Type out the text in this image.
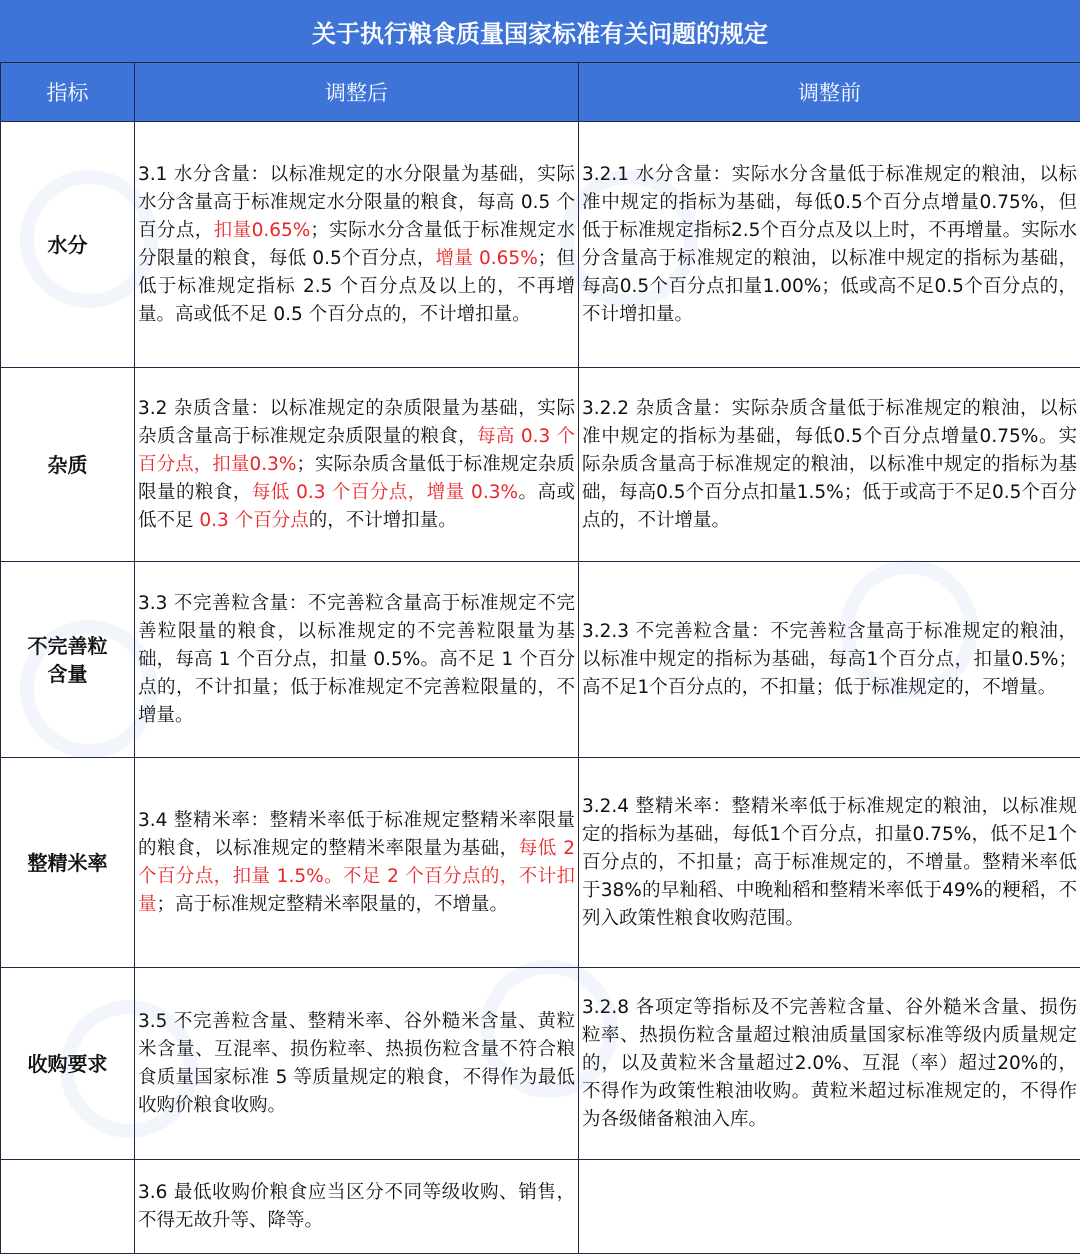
关于执行粮食质量国家标准有关问题的规定
指标	调整后	调整前
水分	3.1 水分含量：以标准规定的水分限量为基础，实际水分含量高于标准规定水分限量的粮食，每高 0.5 个百分点，扣量0.65%；实际水分含量低于标准规定水分限量的粮食，每低 0.5个百分点，增量 0.65%；但低于标准规定指标 2.5 个百分点及以上的，不再增量。高或低不足 0.5 个百分点的，不计增扣量。	3.2.1 水分含量：实际水分含量低于标准规定的粮油，以标准中规定的指标为基础，每低0.5个百分点增量0.75%，但低于标准规定指标2.5个百分点及以上时，不再增量。实际水分含量高于标准规定的粮油，以标准中规定的指标为基础，每高0.5个百分点扣量1.00%；低或高不足0.5个百分点的，不计增扣量。
杂质	3.2 杂质含量：以标准规定的杂质限量为基础，实际杂质含量高于标准规定杂质限量的粮食，每高 0.3 个百分点，扣量0.3%；实际杂质含量低于标准规定杂质限量的粮食，每低 0.3 个百分点，增量 0.3%。高或低不足 0.3 个百分点的，不计增扣量。	3.2.2 杂质含量：实际杂质含量低于标准规定的粮油，以标准中规定的指标为基础，每低0.5个百分点增量0.75%。实际杂质含量高于标准规定的粮油，以标准中规定的指标为基础，每高0.5个百分点扣量1.5%；低于或高于不足0.5个百分点的，不计增量。
不完善粒含量	3.3 不完善粒含量：不完善粒含量高于标准规定不完善粒限量的粮食，以标准规定的不完善粒限量为基础，每高 1 个百分点，扣量 0.5%。高不足 1 个百分点的，不计扣量；低于标准规定不完善粒限量的，不增量。	3.2.3 不完善粒含量：不完善粒含量高于标准规定的粮油，以标准中规定的指标为基础，每高1个百分点，扣量0.5%；高不足1个百分点的，不扣量；低于标准规定的，不增量。
整精米率	3.4 整精米率：整精米率低于标准规定整精米率限量的粮食，以标准规定的整精米率限量为基础，每低 2 个百分点，扣量 1.5%。不足 2 个百分点的，不计扣量；高于标准规定整精米率限量的，不增量。	3.2.4 整精米率：整精米率低于标准规定的粮油，以标准规定的指标为基础，每低1个百分点，扣量0.75%，低不足1个百分点的，不扣量；高于标准规定的，不增量。整精米率低于38%的早籼稻、中晚籼稻和整精米率低于49%的粳稻，不列入政策性粮食收购范围。
收购要求	3.5 不完善粒含量、整精米率、谷外糙米含量、黄粒米含量、互混率、损伤粒率、热损伤粒含量不符合粮食质量国家标准 5 等质量规定的粮食，不得作为最低收购价粮食收购。	3.2.8 各项定等指标及不完善粒含量、谷外糙米含量、损伤粒率、热损伤粒含量超过粮油质量国家标准等级内质量规定的，以及黄粒米含量超过2.0%、互混（率）超过20%的，不得作为政策性粮油收购。黄粒米超过标准规定的，不得作为各级储备粮油入库。
	3.6 最低收购价粮食应当区分不同等级收购、销售，不得无故升等、降等。	
